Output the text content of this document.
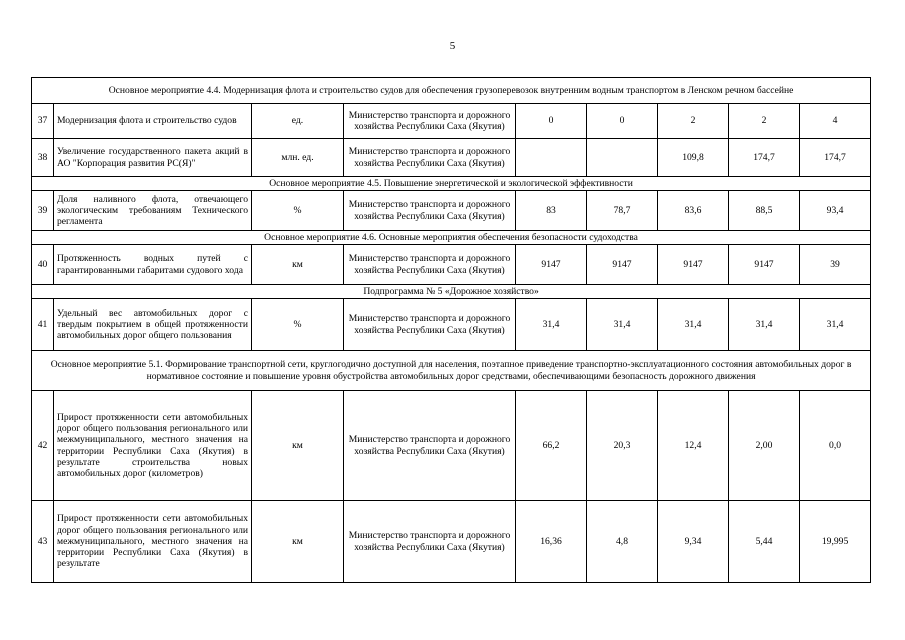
5
Основное мероприятие 4.4. Модернизация флота и строительство судов для обеспечения грузоперевозок внутренним водным транспортом в Ленском речном бассейне								
37	Модернизация флота и строительство судов	ед.	Министерство транспорта и дорожного хозяйства Республики Саха (Якутия)	0	0	2	2	4
38	Увеличение государственного пакета акций в АО "Корпорация развития РС(Я)"	млн. ед.	Министерство транспорта и дорожного хозяйства Республики Саха (Якутия)			109,8	174,7	174,7
Основное мероприятие 4.5. Повышение энергетической и экологической эффективности								
39	Доля наливного флота, отвечающего экологическим требованиям Технического регламента	%	Министерство транспорта и дорожного хозяйства Республики Саха (Якутия)	83	78,7	83,6	88,5	93,4
Основное мероприятие 4.6. Основные мероприятия обеспечения безопасности судоходства								
40	Протяженность водных путей с гарантированными габаритами судового хода	км	Министерство транспорта и дорожного хозяйства Республики Саха (Якутия)	9147	9147	9147	9147	39
Подпрограмма № 5 «Дорожное хозяйство»								
41	Удельный вес автомобильных дорог с твердым покрытием в общей протяженности автомобильных дорог общего пользования	%	Министерство транспорта и дорожного хозяйства Республики Саха (Якутия)	31,4	31,4	31,4	31,4	31,4
Основное мероприятие 5.1. Формирование транспортной сети, круглогодично доступной для населения, поэтапное приведение транспортно-эксплуатационного состояния автомобильных дорог в нормативное состояние и повышение уровня обустройства автомобильных дорог средствами, обеспечивающими безопасность дорожного движения								
42	Прирост протяженности сети автомобильных дорог общего пользования регионального или межмуниципального, местного значения на территории Республики Саха (Якутия) в результате строительства новых автомобильных дорог (километров)	км	Министерство транспорта и дорожного хозяйства Республики Саха (Якутия)	66,2	20,3	12,4	2,00	0,0
43	Прирост протяженности сети автомобильных дорог общего пользования регионального или межмуниципального, местного значения на территории Республики Саха (Якутия) в результате	км	Министерство транспорта и дорожного хозяйства Республики Саха (Якутия)	16,36	4,8	9,34	5,44	19,995
